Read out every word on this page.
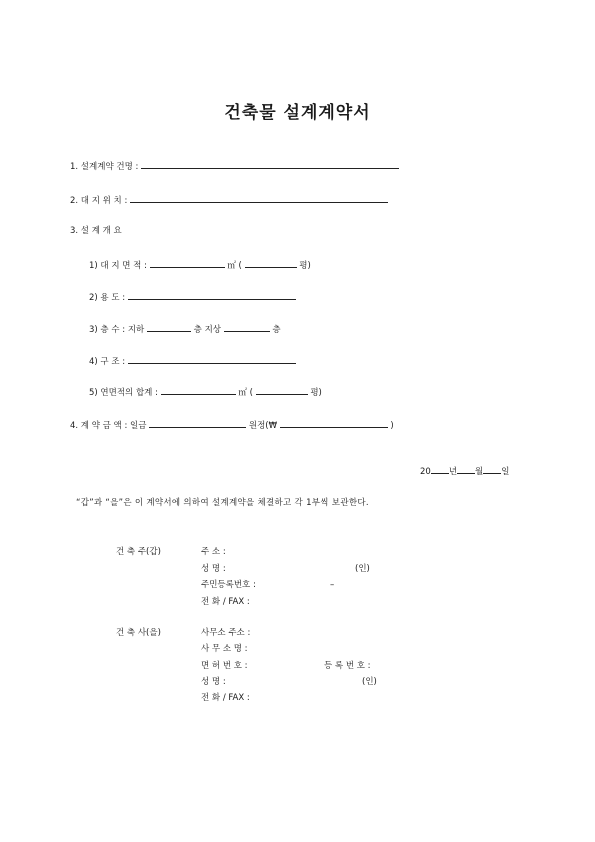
건축물 설계계약서
1. 설계계약 건명 :
2. 대 지 위 치 :
3. 설 계 개 요
1) 대 지 면 적 :	㎡ (	평)
2) 용 도 :
3) 층 수 : 지하	층 지상	층
4) 구 조 :
5) 연면적의 합계 :	㎡ (	평)
4. 계 약 금 액 : 일금	원정(₩	)
20 년 월 일
“갑”과 “을”은 이 계약서에 의하여 설계계약을 체결하고 각 1부씩 보관한다.
건 축 주(갑)	주 소 :
성 명 :	(인)
주민등록번호 :	–
전 화 / FAX :
건 축 사(을)	사무소 주소 :
사 무 소 명 :
면 허 번 호 :	등 록 번 호 :
성 명 :	(인)
전 화 / FAX :
